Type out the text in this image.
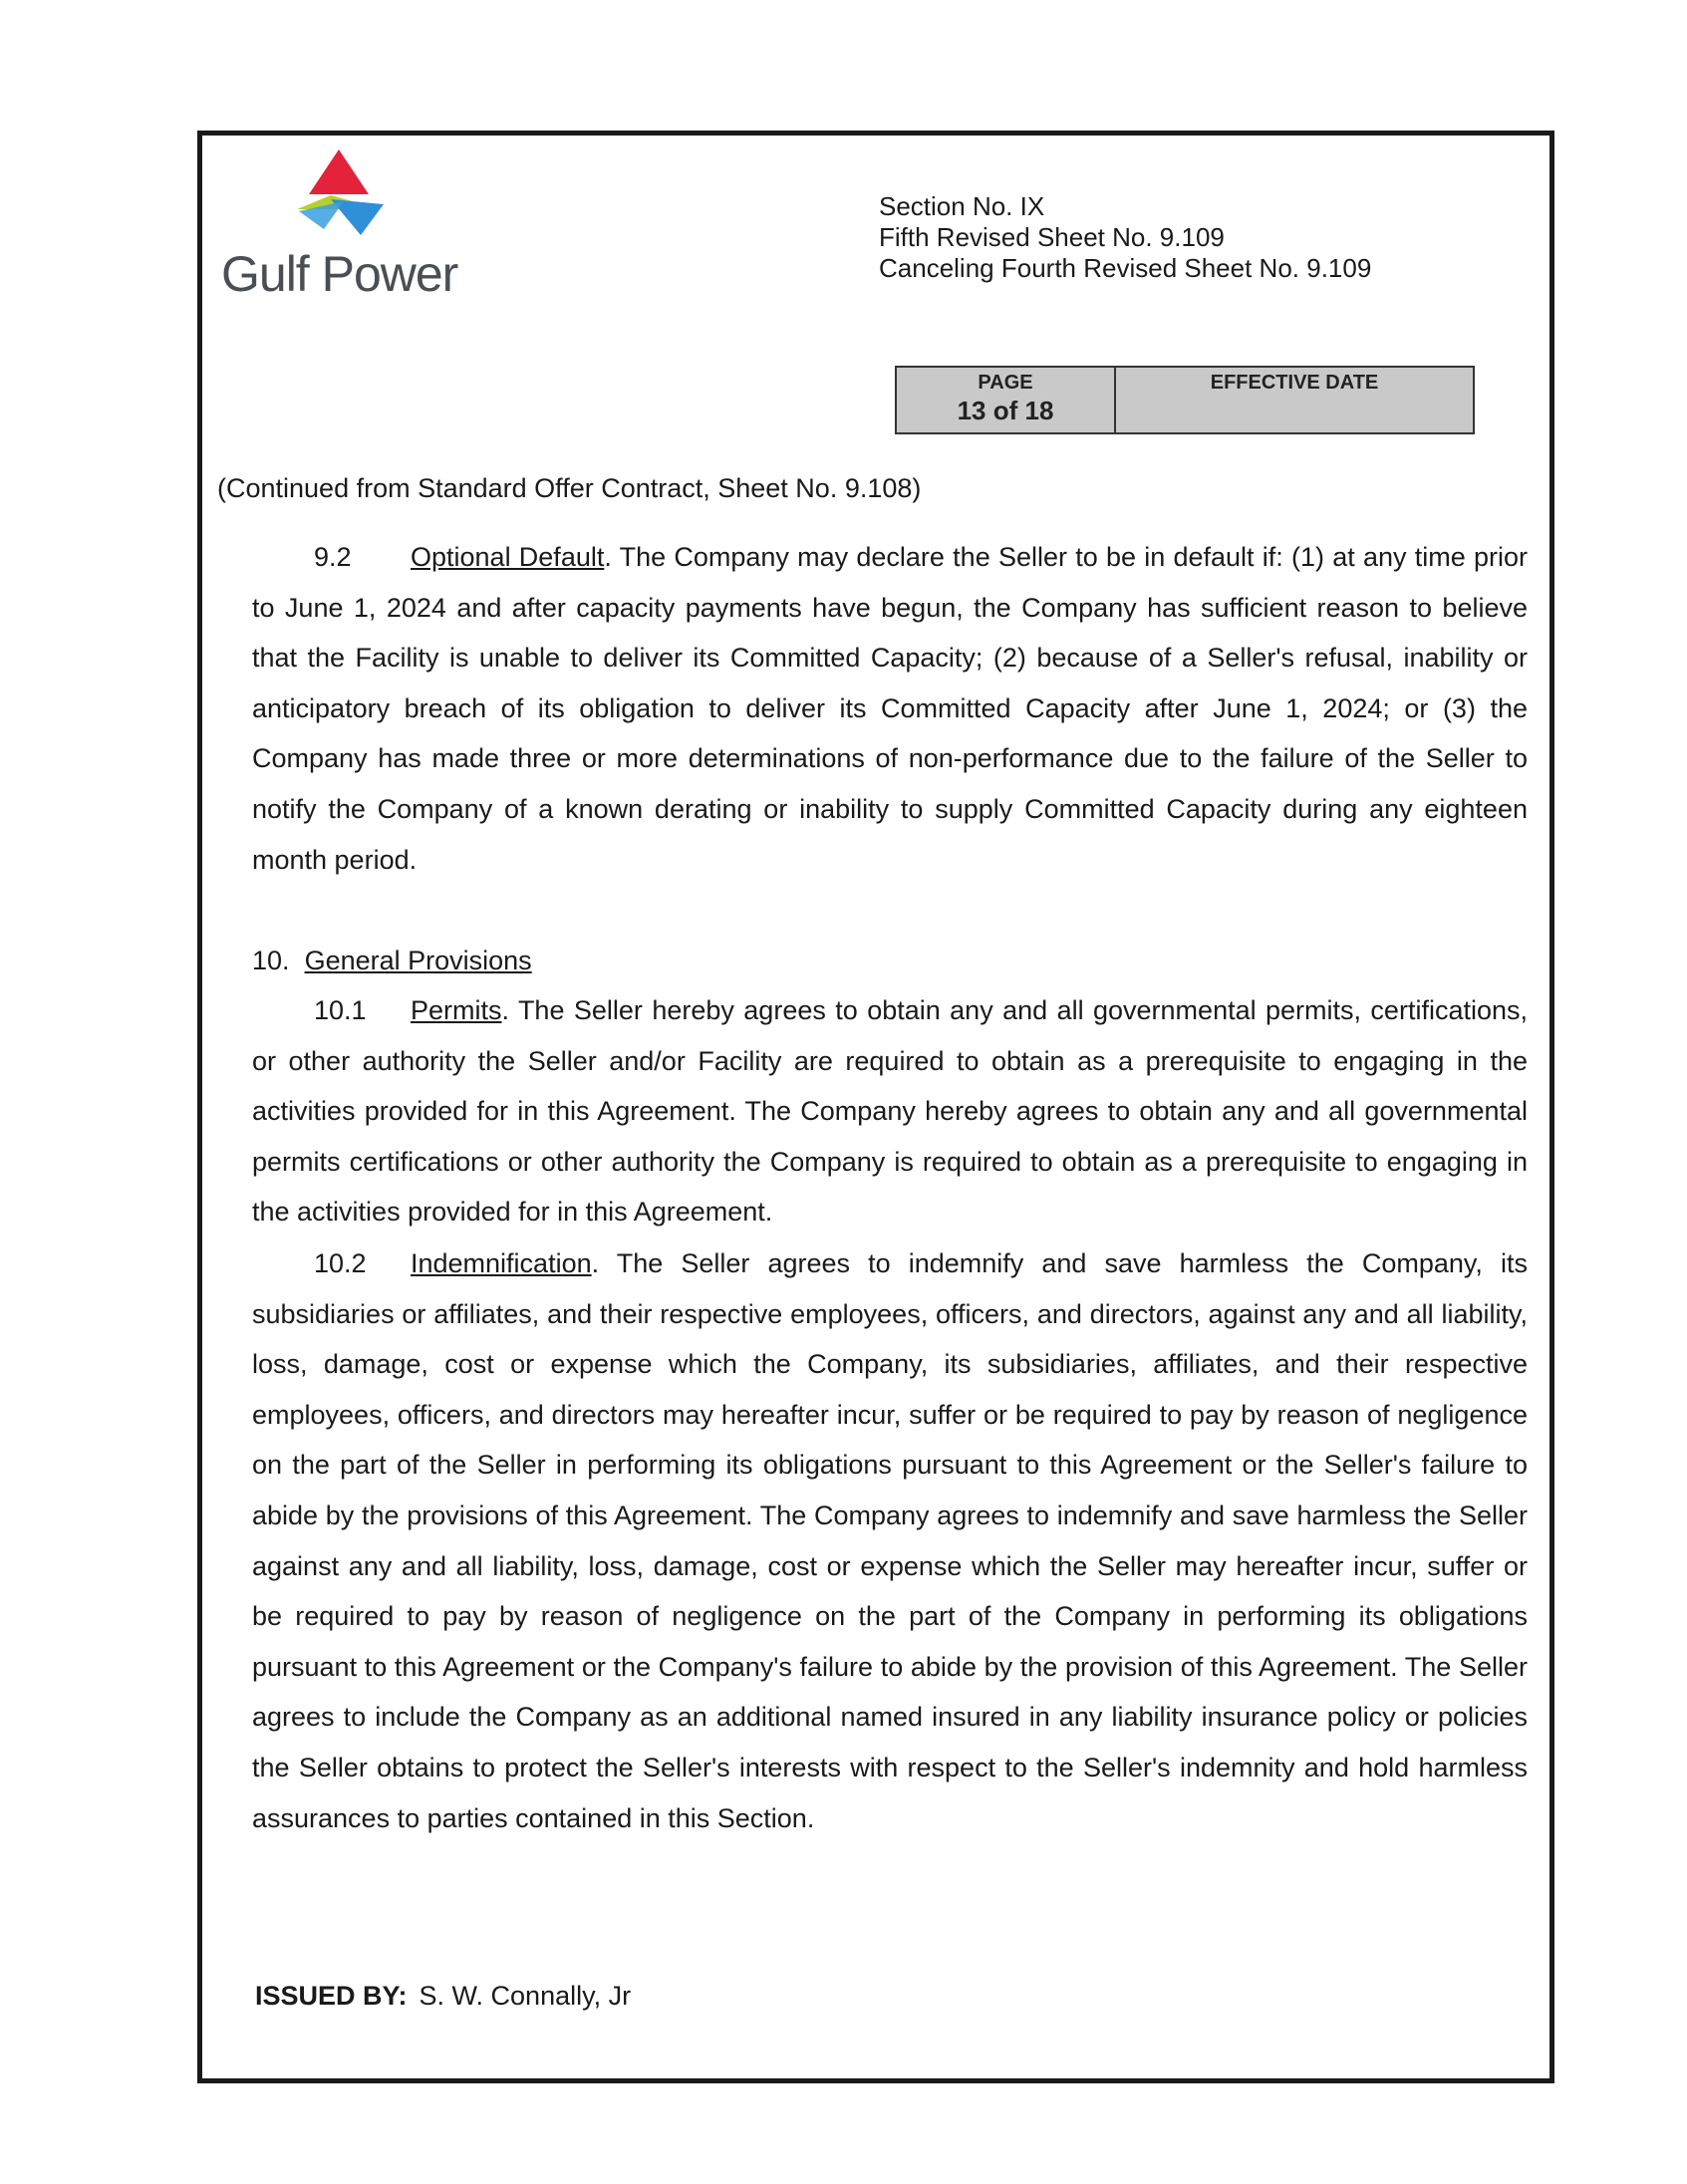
Gulf Power
Section No. IX
Fifth Revised Sheet No. 9.109
Canceling Fourth Revised Sheet No. 9.109
PAGE
13 of 18
EFFECTIVE DATE
(Continued from Standard Offer Contract, Sheet No. 9.108)
9.2 Optional Default. The Company may declare the Seller to be in default if: (1) at any time prior to June 1, 2024 and after capacity payments have begun, the Company has sufficient reason to believe that the Facility is unable to deliver its Committed Capacity; (2) because of a Seller's refusal, inability or anticipatory breach of its obligation to deliver its Committed Capacity after June 1, 2024; or (3) the Company has made three or more determinations of non-performance due to the failure of the Seller to notify the Company of a known derating or inability to supply Committed Capacity during any eighteen month period.
10. General Provisions
10.1 Permits. The Seller hereby agrees to obtain any and all governmental permits, certifications, or other authority the Seller and/or Facility are required to obtain as a prerequisite to engaging in the activities provided for in this Agreement. The Company hereby agrees to obtain any and all governmental permits certifications or other authority the Company is required to obtain as a prerequisite to engaging in the activities provided for in this Agreement.
10.2 Indemnification. The Seller agrees to indemnify and save harmless the Company, its subsidiaries or affiliates, and their respective employees, officers, and directors, against any and all liability, loss, damage, cost or expense which the Company, its subsidiaries, affiliates, and their respective employees, officers, and directors may hereafter incur, suffer or be required to pay by reason of negligence on the part of the Seller in performing its obligations pursuant to this Agreement or the Seller's failure to abide by the provisions of this Agreement. The Company agrees to indemnify and save harmless the Seller against any and all liability, loss, damage, cost or expense which the Seller may hereafter incur, suffer or be required to pay by reason of negligence on the part of the Company in performing its obligations pursuant to this Agreement or the Company's failure to abide by the provision of this Agreement. The Seller agrees to include the Company as an additional named insured in any liability insurance policy or policies the Seller obtains to protect the Seller's interests with respect to the Seller's indemnity and hold harmless assurances to parties contained in this Section.
ISSUED BY: S. W. Connally, Jr
